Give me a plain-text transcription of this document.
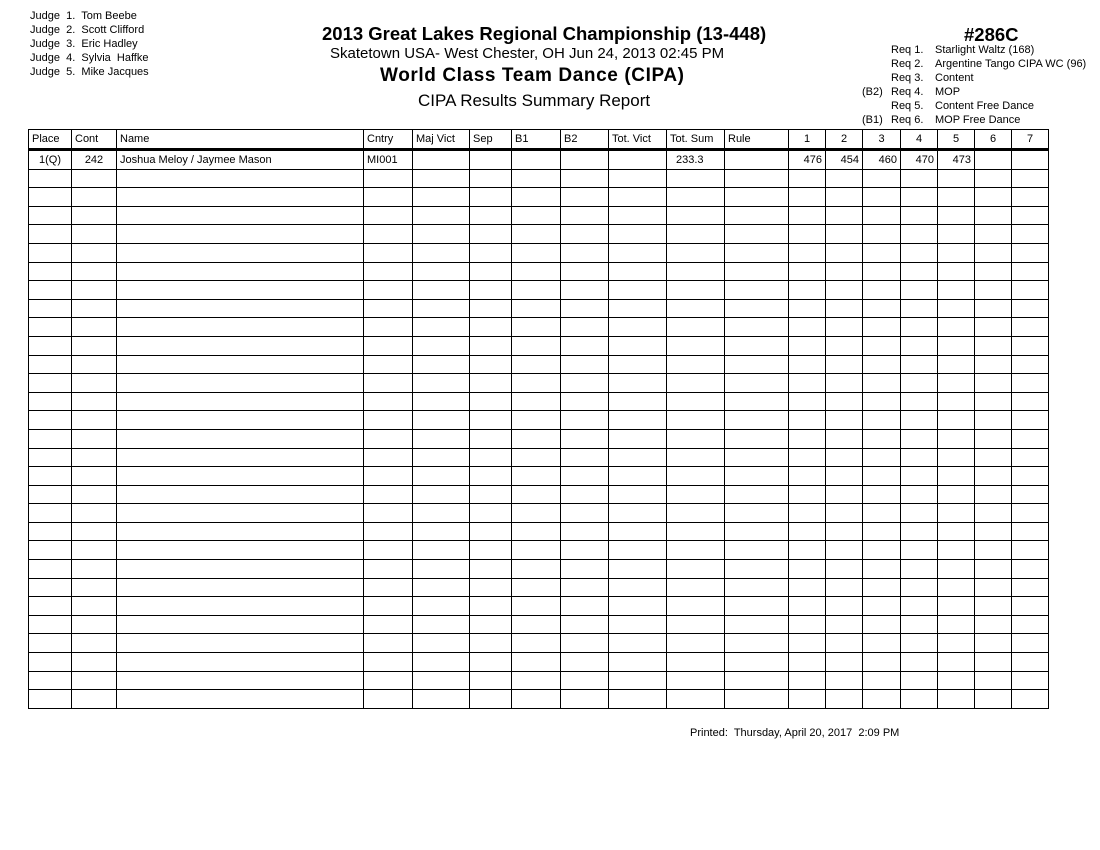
Judge 1. Tom Beebe
Judge 2. Scott Clifford
Judge 3. Eric Hadley
Judge 4. Sylvia  Haffke
Judge 5. Mike Jacques
2013 Great Lakes Regional Championship (13-448)
Skatetown USA- West Chester, OH Jun 24, 2013 02:45 PM
World Class Team Dance (CIPA)
CIPA Results Summary Report
#286C
Req 1.	Starlight Waltz (168)
Req 2.	Argentine Tango CIPA WC (96)
Req 3.	Content
(B2) Req 4.	MOP
Req 5.	Content Free Dance
(B1) Req 6.	MOP Free Dance
Place	Cont	Name	Cntry	Maj Vict	Sep	B1	B2	Tot. Vict	Tot. Sum	Rule	1	2	3	4	5	6	7
1(Q)	242	Joshua Meloy / Jaymee Mason	MI001						233.3		476	454	460	470	473		

Printed:  Thursday, April 20, 2017  2:09 PM
